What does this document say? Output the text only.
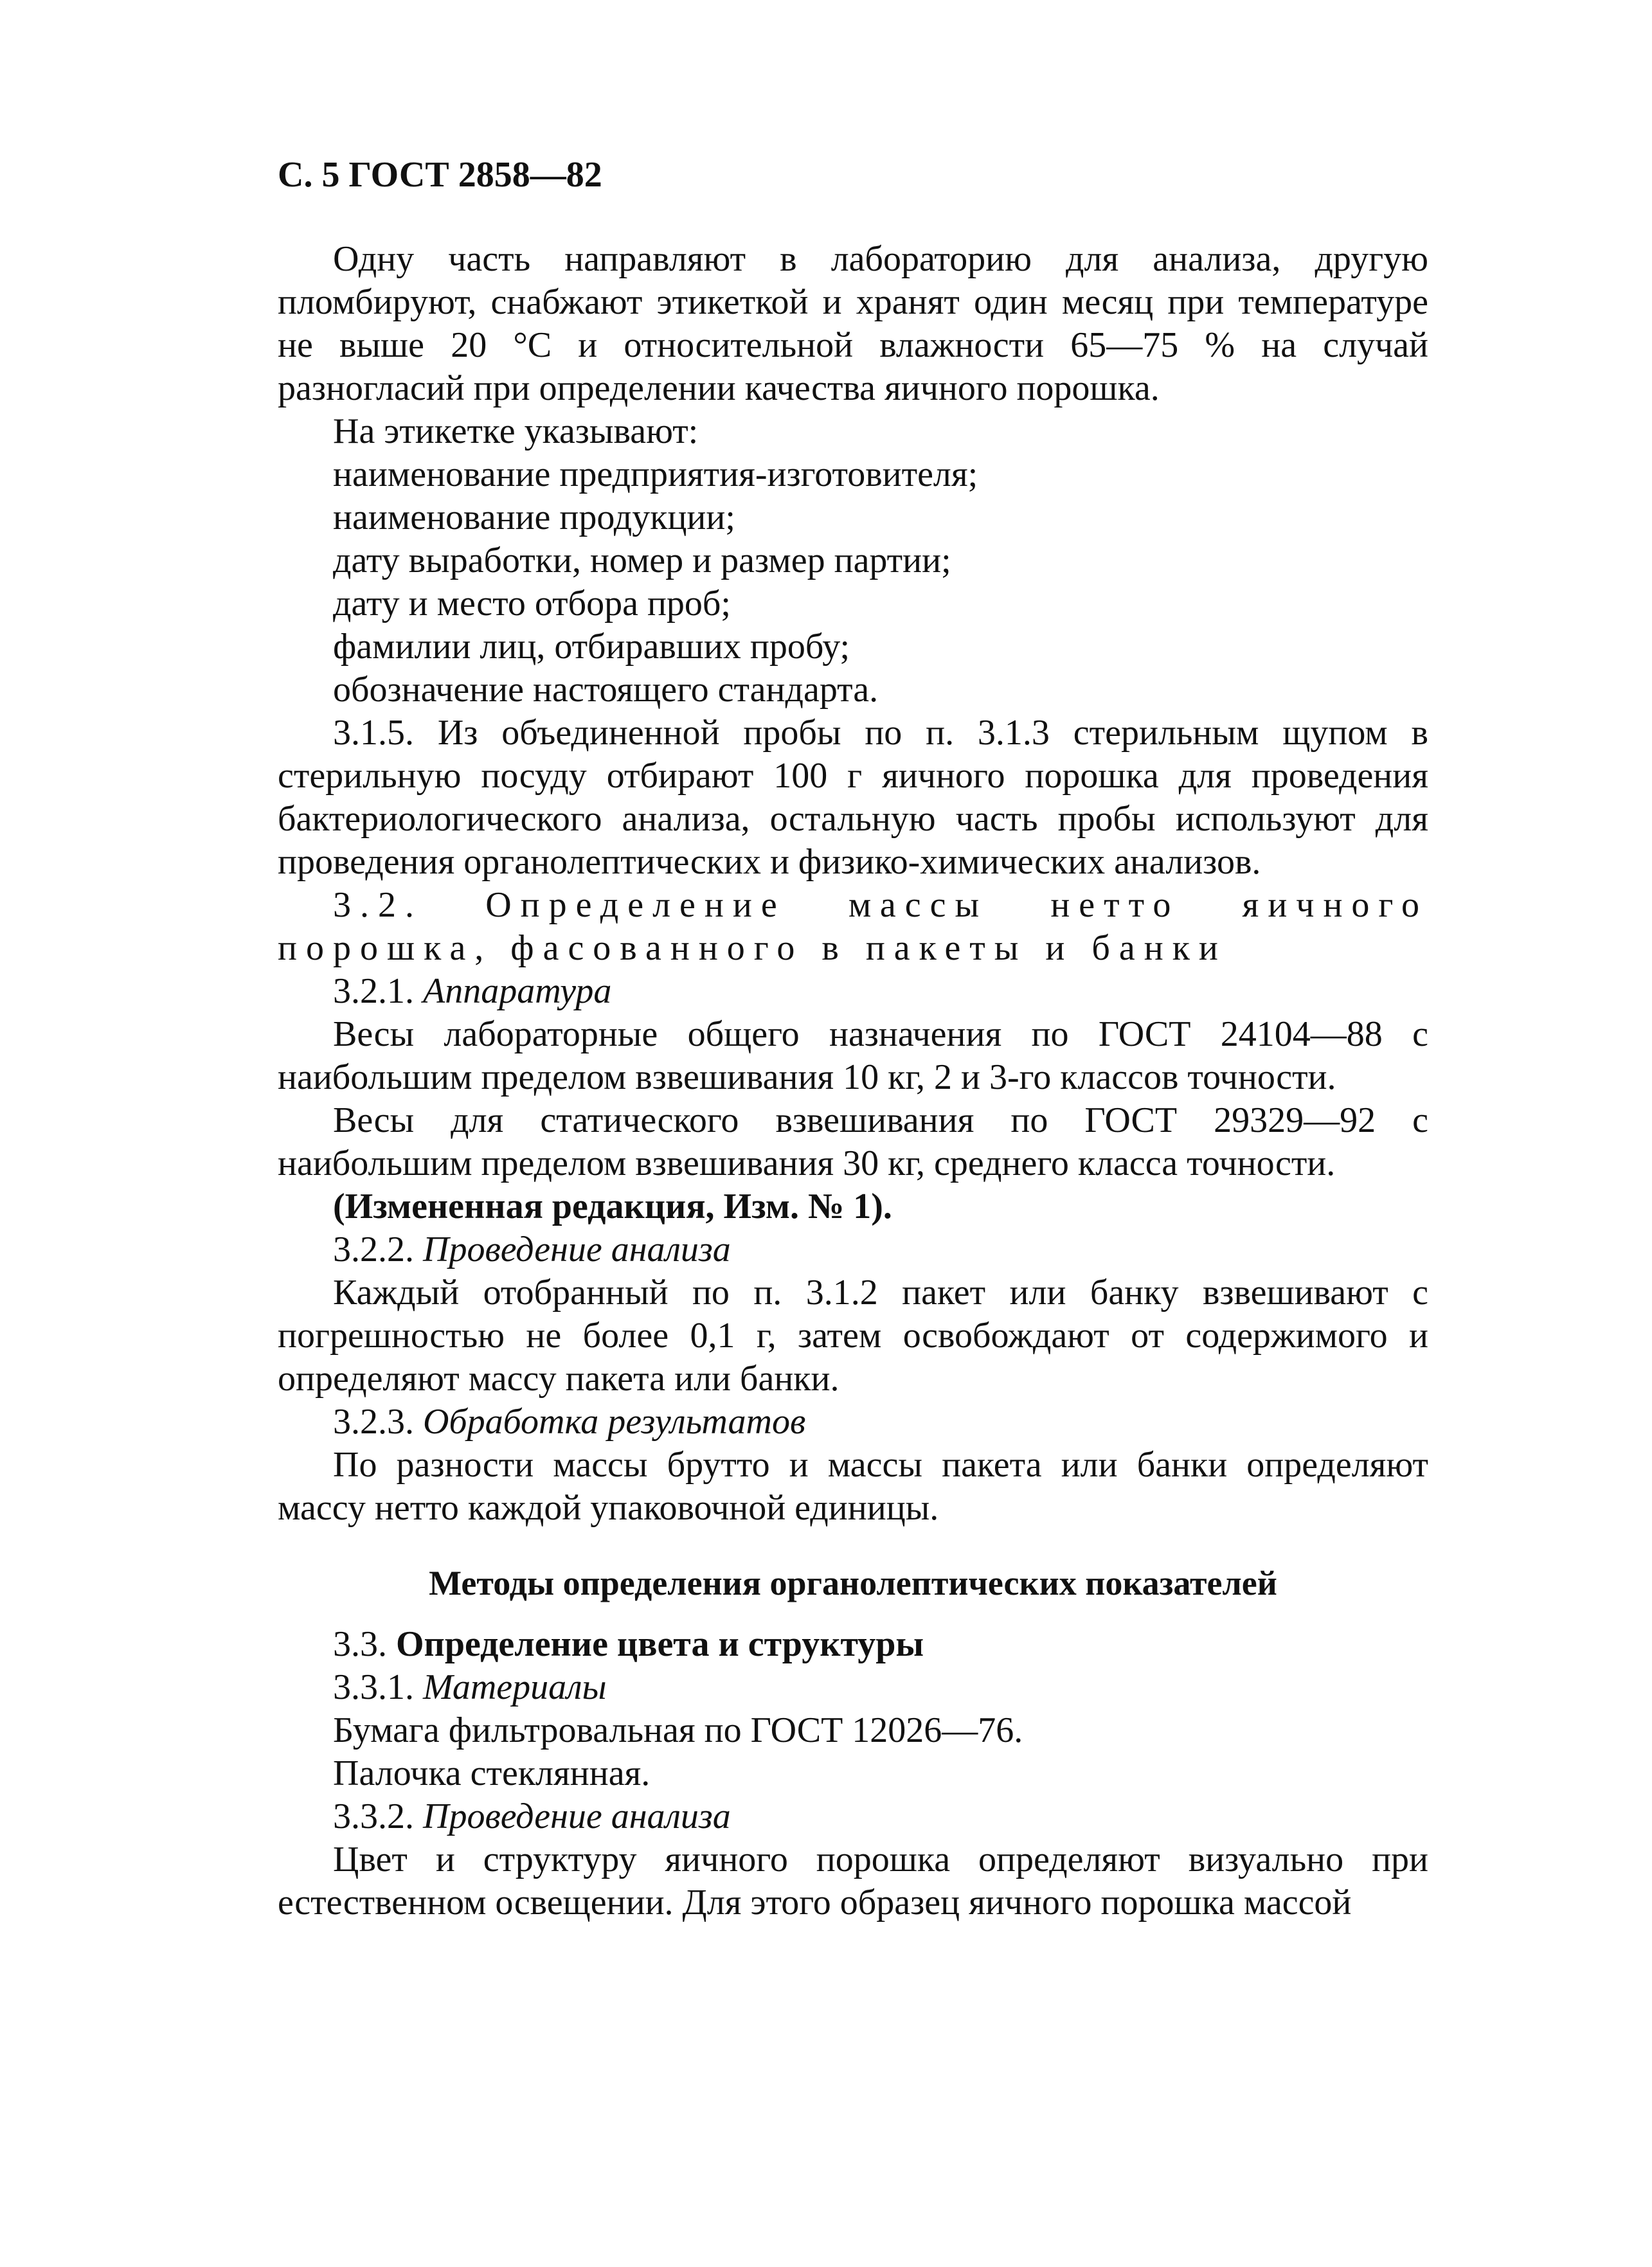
С. 5 ГОСТ 2858—82

Одну часть направляют в лабораторию для анализа, другую пломбируют, снабжают этикеткой и хранят один месяц при температуре не выше 20 °С и относительной влажности 65—75 % на случай разногласий при определении качества яичного порошка.

На этикетке указывают:

наименование предприятия-изготовителя;

наименование продукции;

дату выработки, номер и размер партии;

дату и место отбора проб;

фамилии лиц, отбиравших пробу;

обозначение настоящего стандарта.

3.1.5. Из объединенной пробы по п. 3.1.3 стерильным щупом в стерильную посуду отбирают 100 г яичного порошка для проведения бактериологического анализа, остальную часть пробы используют для проведения органолептических и физико-химических анализов.

3.2. Определение массы нетто яичного порошка, фасованного в пакеты и банки

3.2.1. Аппаратура

Весы лабораторные общего назначения по ГОСТ 24104—88 с наибольшим пределом взвешивания 10 кг, 2 и 3-го классов точности.

Весы для статического взвешивания по ГОСТ 29329—92 с наибольшим пределом взвешивания 30 кг, среднего класса точности.

(Измененная редакция, Изм. № 1).

3.2.2. Проведение анализа

Каждый отобранный по п. 3.1.2 пакет или банку взвешивают с погрешностью не более 0,1 г, затем освобождают от содержимого и определяют массу пакета или банки.

3.2.3. Обработка результатов

По разности массы брутто и массы пакета или банки определяют массу нетто каждой упаковочной единицы.

Методы определения органолептических показателей

3.3. Определение цвета и структуры

3.3.1. Материалы

Бумага фильтровальная по ГОСТ 12026—76.

Палочка стеклянная.

3.3.2. Проведение анализа

Цвет и структуру яичного порошка определяют визуально при естественном освещении. Для этого образец яичного порошка массой
